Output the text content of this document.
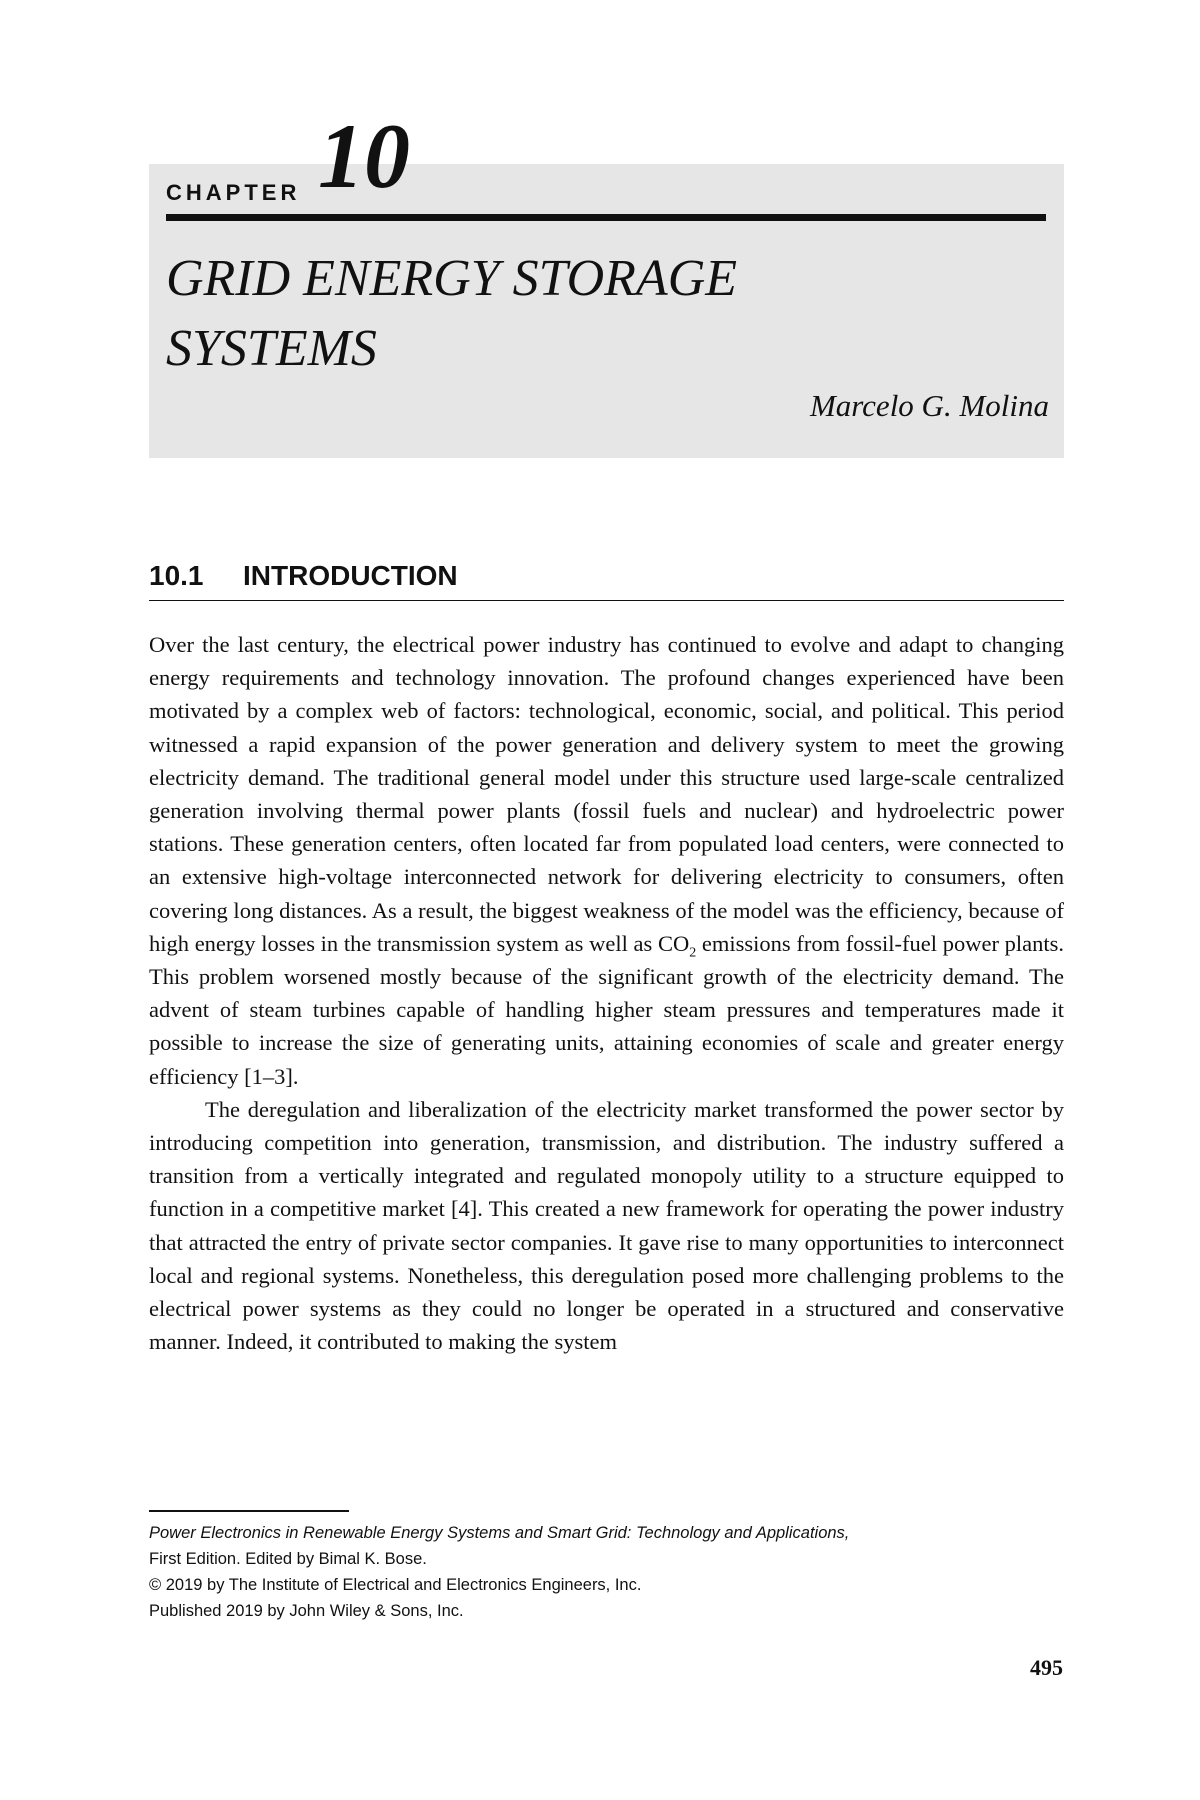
CHAPTER 10
GRID ENERGY STORAGE
SYSTEMS
Marcelo G. Molina
10.1 INTRODUCTION

Over the last century, the electrical power industry has continued to evolve and adapt to changing energy requirements and technology innovation. The profound changes experienced have been motivated by a complex web of factors: technological, economic, social, and political. This period witnessed a rapid expansion of the power generation and delivery system to meet the growing electricity demand. The traditional general model under this structure used large-scale centralized generation involving thermal power plants (fossil fuels and nuclear) and hydroelectric power stations. These generation centers, often located far from populated load centers, were connected to an extensive high-voltage interconnected network for delivering electricity to consumers, often covering long distances. As a result, the biggest weakness of the model was the efficiency, because of high energy losses in the transmission system as well as $CO_2$ emissions from fossil-fuel power plants. This problem worsened mostly because of the significant growth of the electricity demand. The advent of steam turbines capable of handling higher steam pressures and temperatures made it possible to increase the size of generating units, attaining economies of scale and greater energy efficiency [1–3].

The deregulation and liberalization of the electricity market transformed the power sector by introducing competition into generation, transmission, and distribution. The industry suffered a transition from a vertically integrated and regulated monopoly utility to a structure equipped to function in a competitive market [4]. This created a new framework for operating the power industry that attracted the entry of private sector companies. It gave rise to many opportunities to interconnect local and regional systems. Nonetheless, this deregulation posed more challenging problems to the electrical power systems as they could no longer be operated in a structured and conservative manner. Indeed, it contributed to making the system

Power Electronics in Renewable Energy Systems and Smart Grid: Technology and Applications,
First Edition. Edited by Bimal K. Bose.
© 2019 by The Institute of Electrical and Electronics Engineers, Inc.
Published 2019 by John Wiley & Sons, Inc.
495
